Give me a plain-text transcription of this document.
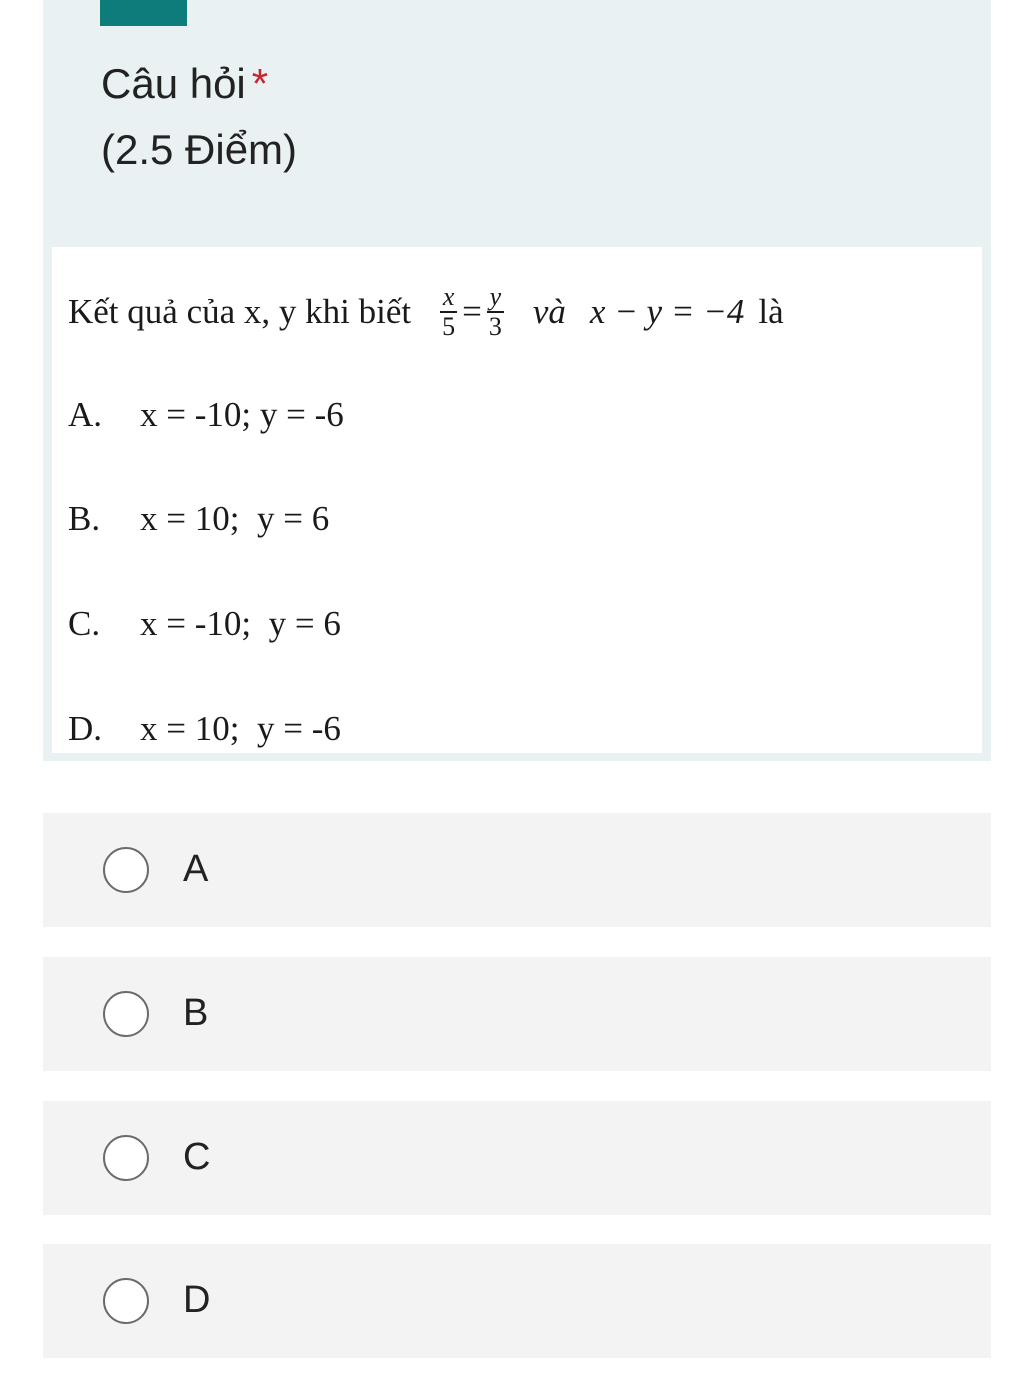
Câu hỏi *
(2.5 Điểm)
Kết quả của x, y khi biết $\frac{x}{5} = \frac{y}{3}$ và x − y = −4 là
A. x = -10; y = -6
B. x = 10;  y = 6
C. x = -10;  y = 6
D. x = 10;  y = -6
A
B
C
D
